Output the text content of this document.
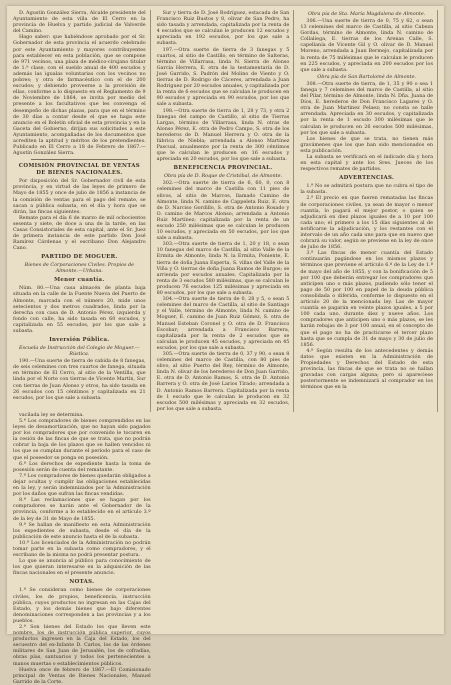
D. Agustín González Sierra, Alcalde presidente del Ayuntamiento de esta villa de El Cerro en la provincia de Huelva y partido judicial de Valverde del Camino.

Hago saber: que habiéndose aprobado por el Sr. Gobernador de esta provincia el acuerdo celebrado por este Ayuntamiento y mayores contribuyentes para establecer en esta población, que se compone de 971 vecinos, una plaza de médico-cirujano titular de 1.ª clase, con el sueldo anual de 400 escudos y además las igualas voluntarias con los vecinos no pobres; y otra de farmacéutico con el de 200 escudos; y debiendo proveerse a la provisión de ellas, conforme a lo dispuesto en el Reglamento de 9 de Noviembre de 1864, se invita por medio del presente a los facultativos que les convenga el desempeño de dichas plazas, para que en el término de 30 días a contar desde el que se haga este anuncio en el Boletín oficial de esta provincia y en la Gaceta del Gobierno, dirijan sus solicitudes a este Ayuntamiento, acompañadas de los documentos que acrediten la aptitud y méritos de los pretendientes. Publicado en El Cerro a 18 de Febrero de 1867.—Agustín González Sierra.

COMISIÓN PROVINCIAL DE VENTAS DE BIENES NACIONALES.

Por disposición del Sr. Gobernador civil de esta provincia, y en virtud de las leyes de primero de Mayo de 1855 y once de julio de 1856 a instancia de la comisión de ventas para el pago del remate, se sacan a pública subasta, en el día y hora que se dirán, las fincas siguientes.

Remate para el día 6 de marzo de mil ochocientos sesenta y siete, de doce a una de la tarde, en las Casas Consistoriales de esta capital, ante el Sr. Juez de primera instancia de este partido Don José Ramírez Cárdenas y el escribano Don Alejandro Cano.

PARTIDO DE MOGUER.

Bienes de Corporaciones Civiles. Propios de Almonte.—Urbana.

Menor cuantía.

Núm. 80.—Una casa almacén de planta baja situada en la calle de la Fuente Nueva del Puerto de Almonte, marcada con el número 20, mide unos setecientos y dos metros cuadrados, linda por la derecha con casa de D. Antonio Pérez, izquierda y fondo con calle, ha sido tasada en 60 escudos, y capitalizada en 55 escudos, por los que sale a subasta.

Inversión Pública.

Escuela de Instrucción del Colegio de Moguer.—Rústica.

190.—Una suerte de tierra de cabida de 8 fanegas, de seis celemines con tres cuartos de fanega, situada en término de El Cerro, al sitio de la Ventilla, que linda por el Norte con tierras de Vicente Martín, Sur con tierras de Juan Alonso y otros, ha sido tasada en 26 escudos con 15 céntimos y capitalizada en 21 escudos, por los que sale a subasta.

Sur y tierra de D. José Rodríguez, estacada de San Francisco Ruiz Bustos y 8, olivar de San Pedro, ha sido tasada y arrendada, capitalizada por la renta de 4 escudos que se calculan le producen 12 escudos y apreciada en 192 escudos, por los que sale a subasta.

197.—Otra suerte de tierra de 3 fanegas y 5 cuartos, al sitio de Castillo, en término de Salteras, término de Villarrasa, linda N. Sierra de Alonso García Herrera, E. otra de la testamentaría de D. José Garrido, S. Padrón del Molino de Viento y O. tierras de D. Rodrigo de Cáceres, arrendada a Juan Rodríguez por 20 escudos anuales, y capitalizada por la renta de 6 escudos que se calculan le producen en 90 escudos y apreciada en 90 escudos, por los que sale a subasta.

198.—Otra suerte de tierra de 1, 28 y 73, y otra 2 fanegas del campo de Castillo, al sitio de Tierras Largas, término de Villarrasa, linda N. otras de Alonso Pérez, E. otra de Pedro Campo, S. otra de los herederos de D. Manuel Herrera y O. otra de la fábrica de Niebla; arrendada a Alonso Martínez Pascual, anualmente por la renta de 300 céntimos que le calculan le producen en 16 escudos y apreciada en 20 escudos, por los que sale a subasta.

BENEFICENCIA PROVINCIAL.

Obra pía de D. Roque de Cristóbal, de Almonte.

302.—Otra suerte de tierra de 6, 60, 0, con 8 celemines del marco de Castilla con 11 pies de olivos, al sitio de Marcos, llamado Camino de Almonte, linda N. camino de Cappeleta Ruiz, E. otra de D. Narciso Gordillo, S. otra de Antonio Rosado y O. camino de Marcos Alonso; arrendada a Antonio Ruiz Martínez; capitalizada por la renta de un escudo 250 milésimas que se calculan le producen 10 escudos, y apreciada en 50 escudos, por los que sale a subasta.

303.—Otra suerte de tierra de 1, 20 y 18, o sean 10 fanegas del marco de Castilla, al sitio Valle de la Ermita de Almonte, linda N. la Ermita, Poniente, E. tierra de doña Juana Esperta, S. villas del Valle de la Viña y O. tierras de doña Juana Ramos de Burgos; se arrienda por escudos anuales. Capitalizada por la renta de 3 escudos 580 milésimas, que se calculan le producen 76 escudos 125 milésimas y apreciada en 80 escudos, por los que sale a subasta.

304.—Otra suerte de tierra de 0, 28 y 5, o sean 5 celemines del marco de Castilla, al sitio de Santiago y el Valle, término de Almonte, linda N. camino de Moguer, E. camino de Juan Ruiz Gómez, S. otra de Manuel Esteban Coronel y O. otra de D. Francisco Escobar; arrendada a Francisco Barrera, capitalizada por la renta de 2 escudos que se calculan le producen 45 escudos, y apreciada en 45 escudos, por los que sale a subasta.

305.—Otra suerte de tierra de 0, 37 y 90, o sean 8 celemines del marco de Castilla, con 80 pies de olivo, al sitio Puerto del Rey, término de Almonte, linda N. olivar de los herederos de Don Juan Garrido, E. otra de D. Antonio Ramos, S. otra de D. Antonio Barrera y O. otra de José Larios Tirado; arrendada a D. Antonio Ramos Barrera. Capitalizada por la renta de 1 escudo que le calculan le producen en 32 escudos 500 milésimas y apreciada en 32 escudos, por los que sale a subasta.

Obra pía de Sta. María Magdalena de Almonte.

306.—Una suerte de tierra de 0, 75 y 62, o sean 13 celemines del marco de Castilla, al sitio Cabeza Gordas, término de Almonte, linda N. camino de Collaliega, E. tierras de los Arenas Calle, S. capellanía de Vicente Gil y O. olivar de D. Manuel Moreno, arrendada a Juan Bermejo, capitalizada por la renta de 75 milésimas que le calculan le producen en 225 escudos, y apreciada en 200 escudos por los que sale a subasta.

Obra pía de San Bartolomé de Almonte.

308.—Otra suerte de tierra, de 1, 35 y 90 o sea 1 fanega y 7 celemines del marco de Castilla, al sitio del Pilar, término de Almonte, linda N. Dña. Juana de Díos, E. herederos de Don Francisco Lagares y O. otra de Juan Martínez Pelaez; no consta se halle arrendada. Apreciada en 30 escudos, y capitalizada por la renta de 1 escudo 300 milésimas que le calculan le producen en 26 escudos 500 milésimas, por los que sale a subasta.

Los bienes de que se trata, no tienen más gravámenes que los que han sido mencionados en esta publicación.

La subasta se verificará en el indicado día y hora en esta capital y ante los Sres. Jueces de los respectivos remates de partidos.

ADVERTENCIAS.

1.ª No se admitirá postura que no cubra el tipo de la subasta.

2.ª El precio en que fueren rematadas las fincas de corporaciones civiles, ya sean de mayor o menor cuantía, lo pagará el mejor postor, o quien se adjudicará en diez plazos iguales de a 10 por 100 cada uno; el primero a los 15 días siguientes al de notificarse la adjudicación, y los restantes con el intervalo de un año cada uno para que en nuevo que cobrará su valor, según se previene en la ley de once de julio de 1856.

3.ª Las fincas de menor cuantía del Estado continuarán pagándose en los mismos plazos y términos que previene el artículo 6.º de la Ley de 1.º de mayo del año de 1855, y con la bonificación de 5 por 100 que deberán entregar los compradores que anticipen uno o más plazos, pudiendo sólo tener el pago de 50 por 100 en papel de la deuda pública consolidada o diferida, conforme lo dispuesto en el artículo 20 de la mencionada ley. Las de mayor cuantía se pagarán en veinte plazos iguales, a 5 por 100 cada uno, durante diez y nueve años. Los compradores que anticipen uno o más plazos, se les harán rebajas de 3 por 100 anual, en el concepto de que el pago no ha de practicarse el tercer plazo hasta que se cumpla de 31 de mayo y 30 de julio de 1856.

4.ª Según resulta de los antecedentes y demás datos que existen en la Administración de Propiedades y Derechos del Estado de esta provincia, las fincas de que se trata no se hallan gravadas con cargas alguna; pero si apareciese posteriormente se indemnizará al comprador en los términos que en la

vacilada ley se determina.

5.ª Los compradores de bienes comprendidos en las leyes de desamortización, que no hayan sido pagados por los compradores que por convenido le tocaren en la cesión de las fincas de que se trata, que no podrán cobrar la baja de los plazos que se hallen vencidos ni los que se cumplan durante el período para el caso de que el poseedor se ponga en posesión.

6.ª Los derechos de expediente hasta la toma de posesión serán de cuenta del rematante.

7.ª Los compradores de bienes quedarán obligados a dejar ocultas y cumplir las obligaciones establecidas en la ley, y serán indemnizados por la Administración por los daños que sufran las fincas vendidas.

8.ª Las reclamaciones que se hagan por los compradores se harán ante el Gobernador de la provincia, conforme a lo establecido en el artículo 3.º de la ley de 31 de Mayo de 1855.

9.ª Se hallan de manifiesto en esta Administración los expedientes de subasta, desde el día de la publicación de este anuncio hasta el de la subasta.

10.ª Los licenciados de la Administración no podrán tomar parte en la subasta como compradores, y el escribano de la misma no podrá presentar postura.

Lo que se anuncia al público para conocimiento de los que quieran interesarse en la adquisición de las fincas nacionales en el presente anuncio.

NOTAS.

1.ª Se consideran como bienes de corporaciones civiles, los de propios, beneficencia, instrucción pública, cuyos productos no ingresan en las Cajas del Estado, y los demás bienes que bajo diferentes denominaciones corresponden a las provincias y a los pueblos.

2.ª Son bienes del Estado los que lleven este nombre, los de instrucción pública superior, cuyos productos ingresen en la Caja del Estado, los del secuestro del ex-Infante D. Carlos, los de las órdenes militares de San Juan de Jerusalén, los de cofradías, obras pías, santuarios y todos los pertenecientes a manos muertas o establecimientos públicos.

Huelva once de febrero de 1867.—El Comisionado principal de Ventas de Bienes Nacionales, Manuel Garrido de la Corte.
